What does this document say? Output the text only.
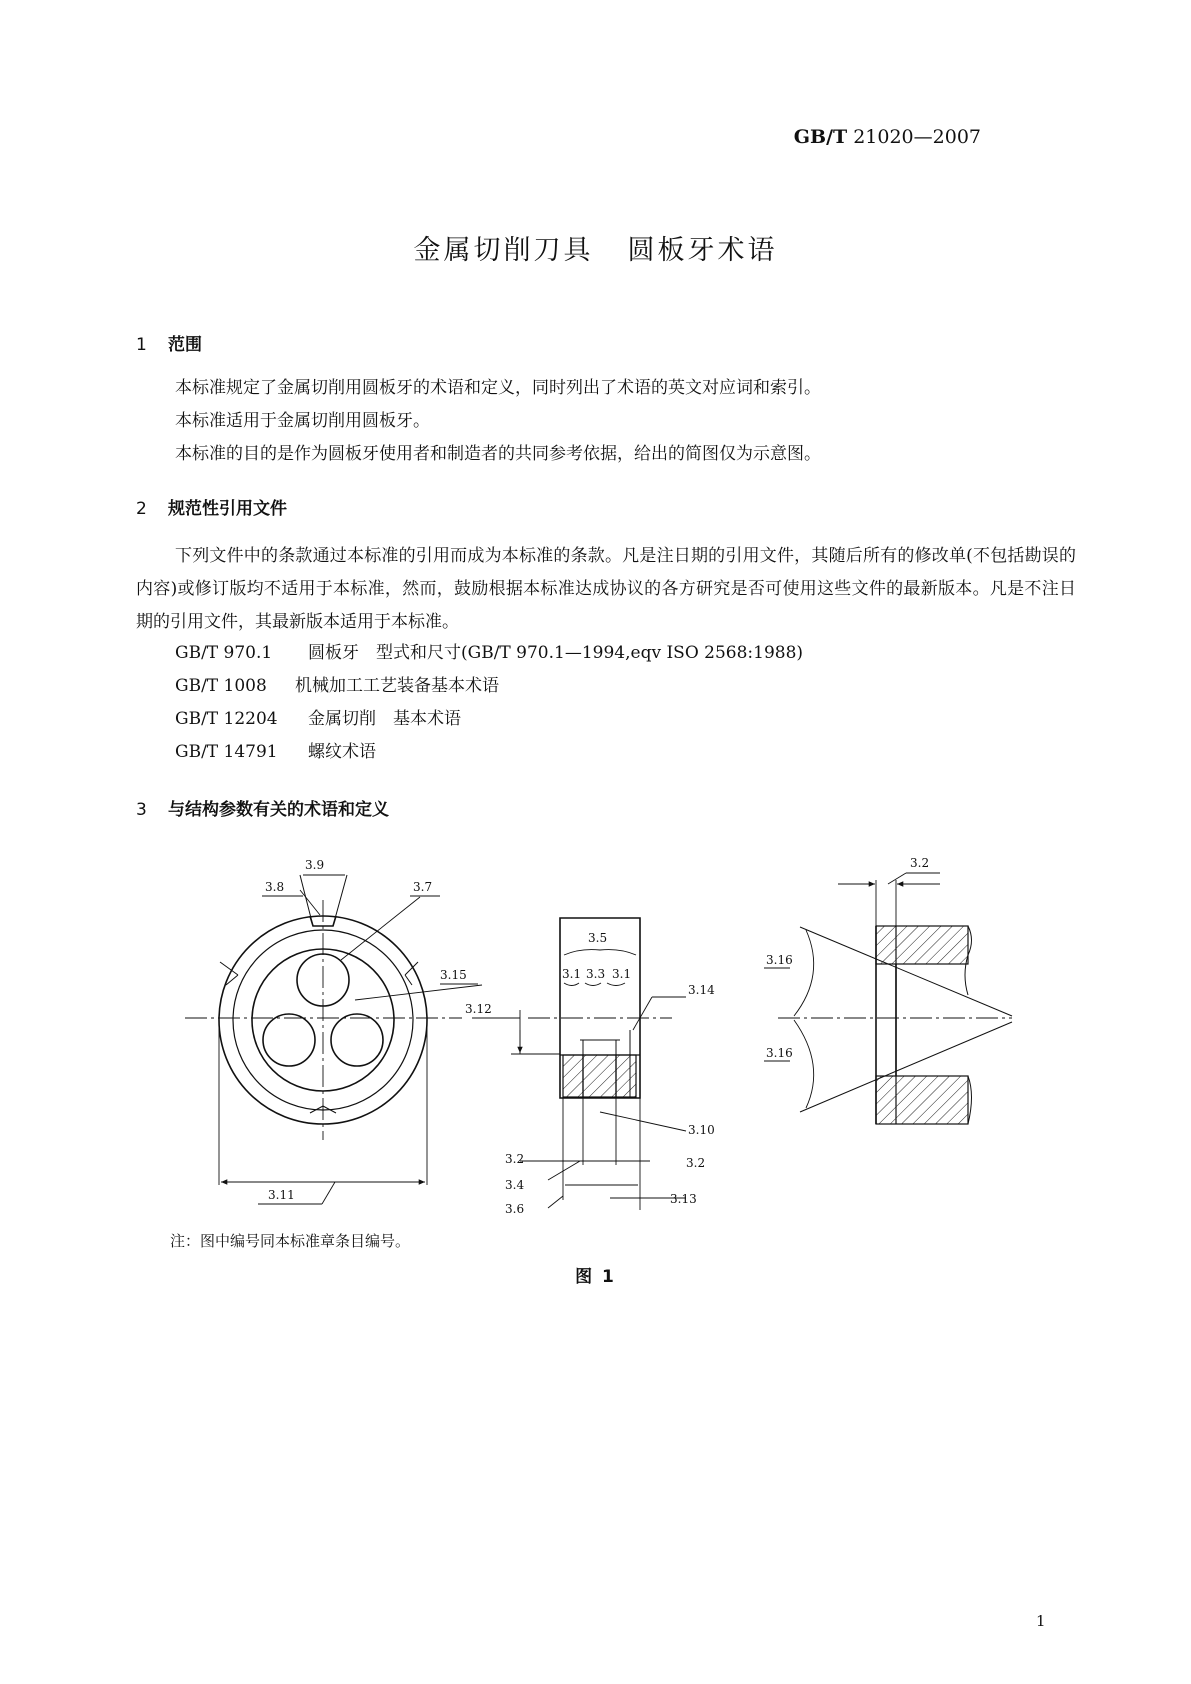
GB/T 21020—2007
金属切削刀具 圆板牙术语
1 范围
本标准规定了金属切削用圆板牙的术语和定义，同时列出了术语的英文对应词和索引。
本标准适用于金属切削用圆板牙。
本标准的目的是作为圆板牙使用者和制造者的共同参考依据，给出的简图仅为示意图。
2 规范性引用文件
下列文件中的条款通过本标准的引用而成为本标准的条款。凡是注日期的引用文件，其随后所有的修改单(不包括勘误的内容)或修订版均不适用于本标准，然而，鼓励根据本标准达成协议的各方研究是否可使用这些文件的最新版本。凡是不注日期的引用文件，其最新版本适用于本标准。
GB/T 970.1 圆板牙　型式和尺寸(GB/T 970.1—1994,eqv ISO 2568:1988)
GB/T 1008 机械加工工艺装备基本术语
GB/T 12204 金属切削　基本术语
GB/T 14791 螺纹术语
3 与结构参数有关的术语和定义
3.9
3.8	3.7
3.15
3.11
3.5
3.1 3.3 3.1
3.14
3.12
3.10
3.2	3.2
3.4
3.6
3.13
3.2
3.16
3.16
注：图中编号同本标准章条目编号。
图 1
1
